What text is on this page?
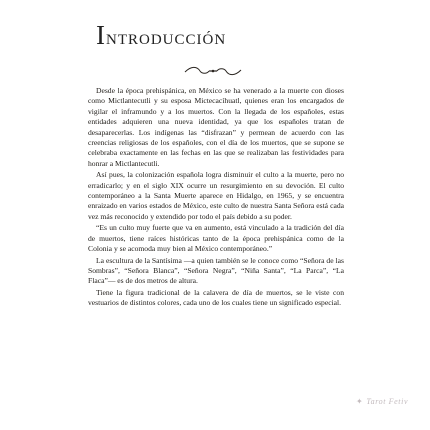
INTRODUCCIÓN

Desde la época prehispánica, en México se ha venerado a la muerte con dioses como Mictlantecutli y su esposa Mictecacíhuatl, quienes eran los encargados de vigilar el inframundo y a los muertos. Con la llegada de los españoles, estas entidades adquieren una nueva identidad, ya que los españoles tratan de desaparecerlas. Los indígenas las “disfrazan” y permean de acuerdo con las creencias religiosas de los españoles, con el día de los muertos, que se supone se celebraba exactamente en las fechas en las que se realizaban las festividades para honrar a Mictlantecutli.

Así pues, la colonización española logra disminuir el culto a la muerte, pero no erradicarlo; y en el siglo XIX ocurre un resurgimiento en su devoción. El culto contemporáneo a la Santa Muerte aparece en Hidalgo, en 1965, y se encuentra enraizado en varios estados de México, este culto de nuestra Santa Señora está cada vez más reconocido y extendido por todo el país debido a su poder.

“Es un culto muy fuerte que va en aumento, está vinculado a la tradición del día de muertos, tiene raíces históricas tanto de la época prehispánica como de la Colonia y se acomoda muy bien al México contemporáneo.”

La escultura de la Santísima —a quien también se le conoce como “Señora de las Sombras”, “Señora Blanca”, “Señora Negra”, “Niña Santa”, “La Parca”, “La Flaca”— es de dos metros de altura.

Tiene la figura tradicional de la calavera de día de muertos, se le viste con vestuarios de distintos colores, cada uno de los cuales tiene un significado especial.

✦ Tarot Fetiv
